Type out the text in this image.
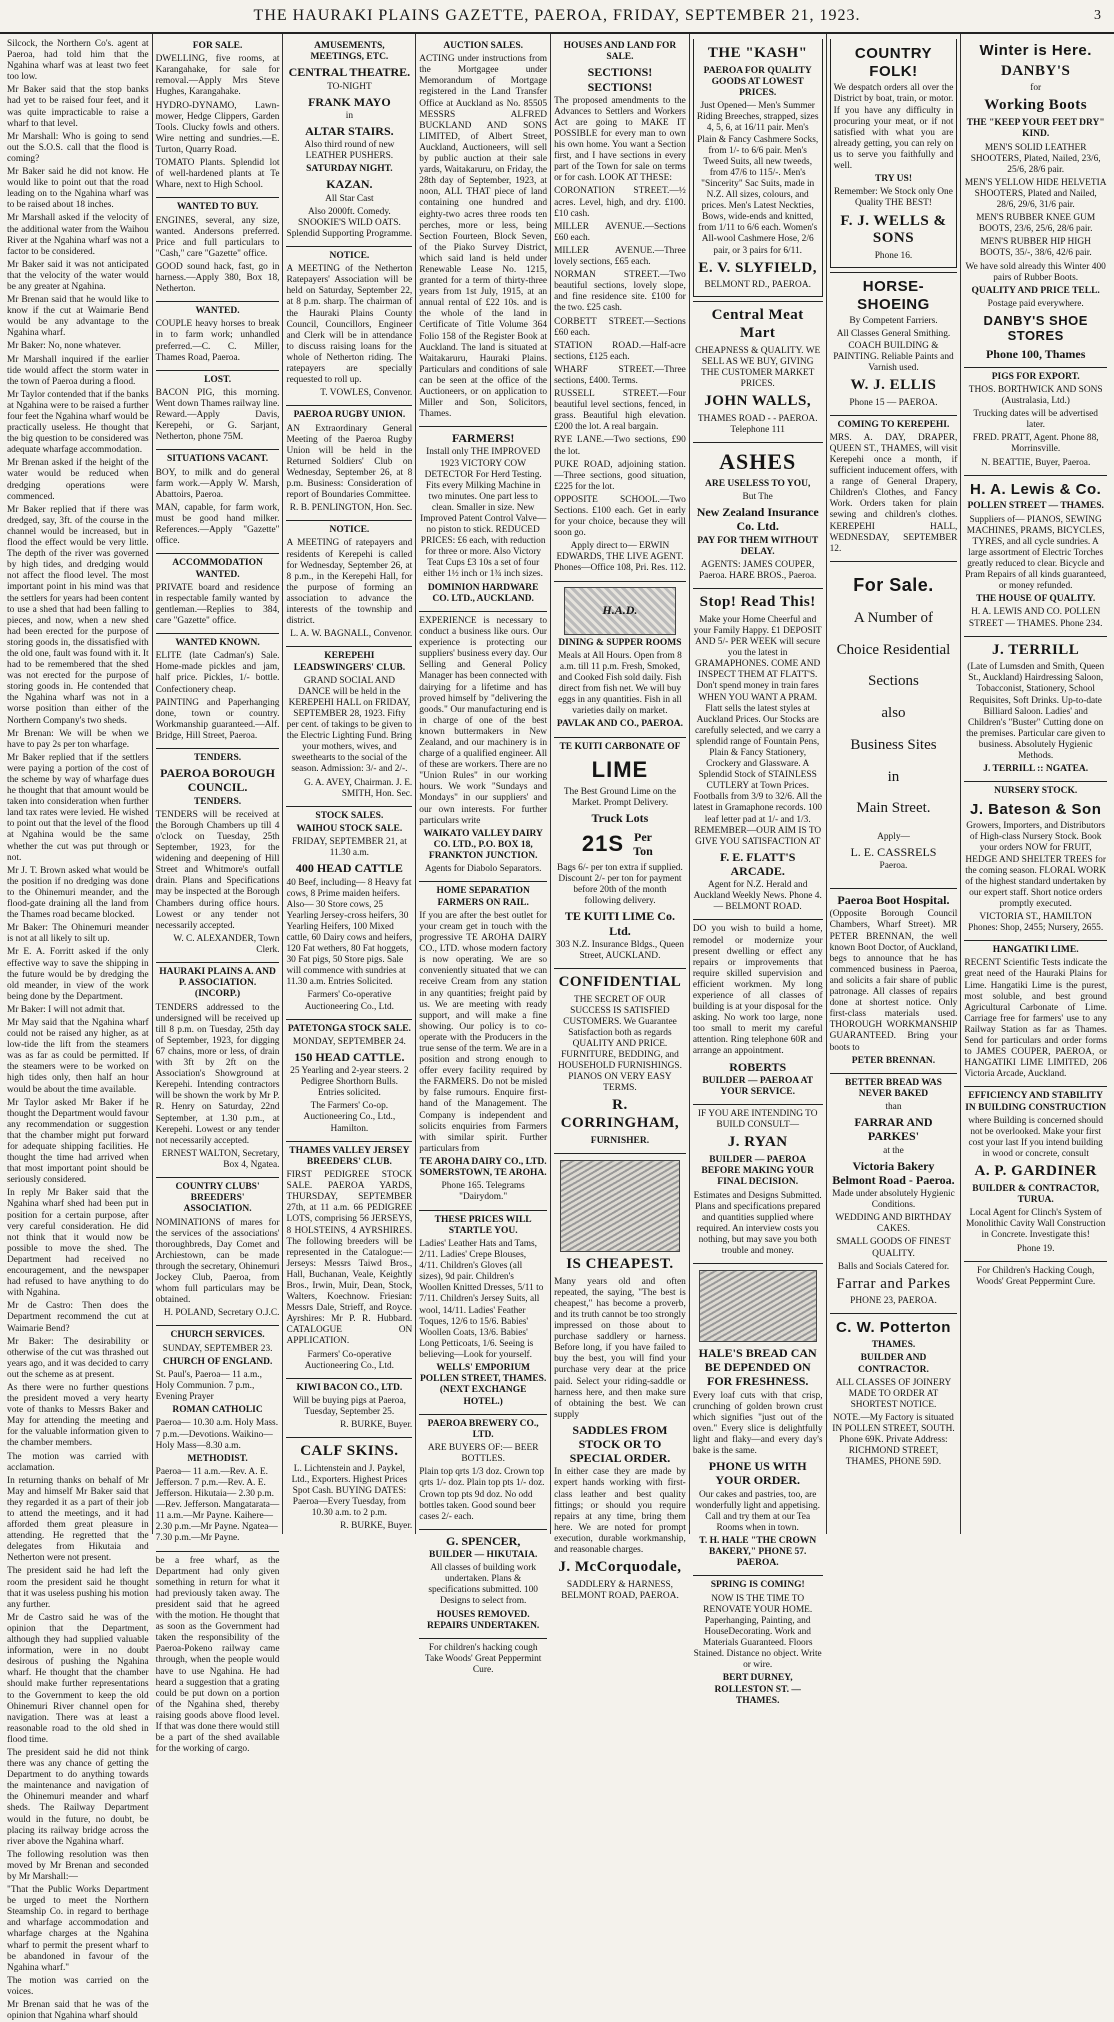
THE HAURAKI PLAINS GAZETTE, PAEROA, FRIDAY, SEPTEMBER 21, 1923.	3
Silcock, the Northern Co's. agent at Paeroa, had told him that the Ngahina wharf was at least two feet too low.
Mr Baker said that the stop banks had yet to be raised four feet, and it was quite impracticable to raise a wharf to that level.
Mr Marshall: Who is going to send out the S.O.S. call that the flood is coming?
Mr Baker said he did not know. He would like to point out that the road leading on to the Ngahina wharf was to be raised about 18 inches.
Mr Marshall asked if the velocity of the additional water from the Waihou River at the Ngahina wharf was not a factor to be considered.
Mr Baker said it was not anticipated that the velocity of the water would be any greater at Ngahina.
Mr Brenan said that he would like to know if the cut at Waimarie Bend would be any advantage to the Ngahina wharf.
Mr Baker: No, none whatever.
Mr Marshall inquired if the earlier tide would affect the storm water in the town of Paeroa during a flood.
Mr Taylor contended that if the banks at Ngahina were to be raised a further four feet the Ngahina wharf would be practically useless. He thought that the big question to be considered was adequate wharfage accommodation.
Mr Brenan asked if the height of the water would be reduced when dredging operations were commenced.
Mr Baker replied that if there was dredged, say, 3ft. of the course in the channel would be increased, but in flood the effect would be very little. The depth of the river was governed by high tides, and dredging would not affect the flood level. The most important point in his mind was that the settlers for years had been content to use a shed that had been falling to pieces, and now, when a new shed had been erected for the purpose of storing goods in, the dissatisfied with the old one, fault was found with it. It had to be remembered that the shed was not erected for the purpose of storing goods in. He contended that the Ngahina wharf was not in a worse position than either of the Northern Company's two sheds.
Mr Brenan: We will be when we have to pay 2s per ton wharfage.
Mr Baker replied that if the settlers were paying a portion of the cost of the scheme by way of wharfage dues he thought that that amount would be taken into consideration when further land tax rates were levied. He wished to point out that the level of the flood at Ngahina would be the same whether the cut was put through or not.
Mr J. T. Brown asked what would be the position if no dredging was done to the Ohinemuri meander, and the flood-gate draining all the land from the Thames road became blocked.
Mr Baker: The Ohinemuri meander is not at all likely to silt up.
Mr E. A. Forritt asked if the only effective way to save the shipping in the future would be by dredging the old meander, in view of the work being done by the Department.
Mr Baker: I will not admit that.
Mr May said that the Ngahina wharf could not be raised any higher, as at low-tide the lift from the steamers was as far as could be permitted. If the steamers were to be worked on high tides only, then half an hour would be about the time available.
Mr Taylor asked Mr Baker if he thought the Department would favour any recommendation or suggestion that the chamber might put forward for adequate shipping facilities. He thought the time had arrived when that most important point should be seriously considered.
In reply Mr Baker said that the Ngahina wharf shed had been put in position for a certain purpose, after very careful consideration. He did not think that it would now be possible to move the shed. The Department had received no encouragement, and the newspaper had refused to have anything to do with Ngahina.
Mr de Castro: Then does the Department recommend the cut at Waimarie Bend?
Mr Baker: The desirability or otherwise of the cut was thrashed out years ago, and it was decided to carry out the scheme as at present.
As there were no further questions the president moved a very hearty vote of thanks to Messrs Baker and May for attending the meeting and for the valuable information given to the chamber members.
The motion was carried with acclamation.
In returning thanks on behalf of Mr May and himself Mr Baker said that they regarded it as a part of their job to attend the meetings, and it had afforded them great pleasure in attending. He regretted that the delegates from Hikutaia and Netherton were not present.
The president said he had left the room the president said he thought that it was useless pushing his motion any further.
Mr de Castro said he was of the opinion that the Department, although they had supplied valuable information, were in no doubt desirous of pushing the Ngahina wharf. He thought that the chamber should make further representations to the Government to keep the old Ohinemuri River channel open for navigation. There was at least a reasonable road to the old shed in flood time.
The president said he did not think there was any chance of getting the Department to do anything towards the maintenance and navigation of the Ohinemuri meander and wharf sheds. The Railway Department would in the future, no doubt, be placing its railway bridge across the river above the Ngahina wharf.
The following resolution was then moved by Mr Brenan and seconded by Mr Marshall:—
"That the Public Works Department be urged to meet the Northern Steamship Co. in regard to berthage and wharfage accommodation and wharfage charges at the Ngahina wharf to permit the present wharf to be abandoned in favour of the Ngahina wharf."
The motion was carried on the voices.
Mr Brenan said that he was of the opinion that Ngahina wharf should
FOR SALE.
DWELLING, five rooms, at Karangahake, for sale for removal.—Apply Mrs Steve Hughes, Karangahake.
HYDRO-DYNAMO, Lawn-mower, Hedge Clippers, Garden Tools. Clucky fowls and others. Wire netting and sundries.—E. Turton, Quarry Road.
TOMATO Plants. Splendid lot of well-hardened plants at Te Whare, next to High School.
WANTED TO BUY.
ENGINES, several, any size, wanted. Andersons preferred. Price and full particulars to "Cash," care "Gazette" office.
GOOD sound hack, fast, go in harness.—Apply 380, Box 18, Netherton.
WANTED.
COUPLE heavy horses to break in to farm work; unhandled preferred.—C. C. Miller, Thames Road, Paeroa.
LOST.
BACON PIG, this morning. Went down Thames railway line. Reward.—Apply Davis, Kerepehi, or G. Sarjant, Netherton, phone 75M.
SITUATIONS VACANT.
BOY, to milk and do general farm work.—Apply W. Marsh, Abattoirs, Paeroa.
MAN, capable, for farm work, must be good hand milker. References.—Apply "Gazette" office.
ACCOMMODATION WANTED.
PRIVATE board and residence in respectable family wanted by gentleman.—Replies to 384, care "Gazette" office.
WANTED KNOWN.
ELITE (late Cadman's) Sale. Home-made pickles and jam, half price. Pickles, 1/- bottle. Confectionery cheap.
PAINTING and Paperhanging done, town or country. Workmanship guaranteed.—Alf. Bridge, Hill Street, Paeroa.
TENDERS.
PAEROA BOROUGH COUNCIL.
TENDERS.
TENDERS will be received at the Borough Chambers up till 4 o'clock on Tuesday, 25th September, 1923, for the widening and deepening of Hill Street and Whitmore's outfall drain. Plans and Specifications may be inspected at the Borough Chambers during office hours. Lowest or any tender not necessarily accepted.
W. C. ALEXANDER, Town Clerk.
HAURAKI PLAINS A. AND P. ASSOCIATION. (INCORP.)
TENDERS addressed to the undersigned will be received up till 8 p.m. on Tuesday, 25th day of September, 1923, for digging 67 chains, more or less, of drain with 3ft by 2ft on the Association's Showground at Kerepehi. Intending contractors will be shown the work by Mr P. R. Henry on Saturday, 22nd September, at 1.30 p.m., at Kerepehi. Lowest or any tender not necessarily accepted.
ERNEST WALTON, Secretary, Box 4, Ngatea.
COUNTRY CLUBS' BREEDERS' ASSOCIATION.
NOMINATIONS of mares for the services of the associations' thoroughbreds, Day Comet and Archiestown, can be made through the secretary, Ohinemuri Jockey Club, Paeroa, from whom full particulars may be obtained.
H. POLAND, Secretary O.J.C.
CHURCH SERVICES.
SUNDAY, SEPTEMBER 23.
CHURCH OF ENGLAND.
St. Paul's, Paeroa— 11 a.m., Holy Communion. 7 p.m., Evening Prayer
ROMAN CATHOLIC
Paeroa— 10.30 a.m. Holy Mass. 7 p.m.—Devotions. Waikino— Holy Mass—8.30 a.m.
METHODIST.
Paeroa— 11 a.m.—Rev. A. E. Jefferson. 7 p.m.—Rev. A. E. Jefferson. Hikutaia— 2.30 p.m.—Rev. Jefferson. Mangatarata— 11 a.m.—Mr Payne. Kaihere— 2.30 p.m.—Mr Payne. Ngatea— 7.30 p.m.—Mr Payne.
be a free wharf, as the Department had only given something in return for what it had previously taken away. The president said that he agreed with the motion. He thought that as soon as the Government had taken the responsibility of the Paeroa-Pokeno railway came through, when the people would have to use Ngahina. He had heard a suggestion that a grating could be put down on a portion of the Ngahina shed, thereby raising goods above flood level. If that was done there would still be a part of the shed available for the working of cargo.
AMUSEMENTS, MEETINGS, ETC.
CENTRAL THEATRE.
TO-NIGHT
FRANK MAYO
in
ALTAR STAIRS.
Also third round of new LEATHER PUSHERS.
SATURDAY NIGHT.
KAZAN.
All Star Cast
Also 2000ft. Comedy. SNOOKIE'S WILD OATS. Splendid Supporting Programme.
NOTICE.
A MEETING of the Netherton Ratepayers' Association will be held on Saturday, September 22, at 8 p.m. sharp. The chairman of the Hauraki Plains County Council, Councillors, Engineer and Clerk will be in attendance to discuss raising loans for the whole of Netherton riding. The ratepayers are specially requested to roll up.
T. VOWLES, Convenor.
PAEROA RUGBY UNION.
AN Extraordinary General Meeting of the Paeroa Rugby Union will be held in the Returned Soldiers' Club on Wednesday, September 26, at 8 p.m. Business: Consideration of report of Boundaries Committee.
R. B. PENLINGTON, Hon. Sec.
NOTICE.
A MEETING of ratepayers and residents of Kerepehi is called for Wednesday, September 26, at 8 p.m., in the Kerepehi Hall, for the purpose of forming an association to advance the interests of the township and district.
L. A. W. BAGNALL, Convenor.
KEREPEHI LEADSWINGERS' CLUB.
GRAND SOCIAL AND DANCE will be held in the KEREPEHI HALL on FRIDAY, SEPTEMBER 28, 1923. Fifty per cent. of takings to be given to the Electric Lighting Fund. Bring your mothers, wives, and sweethearts to the social of the season. Admission: 3/- and 2/-.
G. A. AVEY, Chairman. J. E. SMITH, Hon. Sec.
STOCK SALES.
WAIHOU STOCK SALE.
FRIDAY, SEPTEMBER 21, at 11.30 a.m.
400 HEAD CATTLE
40 Beef, including— 8 Heavy fat cows, 8 Prime maiden heifers. Also— 30 Store cows, 25 Yearling Jersey-cross heifers, 30 Yearling Heifers, 100 Mixed cattle, 60 Dairy cows and heifers, 120 Fat wethers, 80 Fat hoggets, 30 Fat pigs, 50 Store pigs. Sale will commence with sundries at 11.30 a.m. Entries Solicited.
Farmers' Co-operative Auctioneering Co., Ltd.
PATETONGA STOCK SALE.
MONDAY, SEPTEMBER 24.
150 HEAD CATTLE.
25 Yearling and 2-year steers. 2 Pedigree Shorthorn Bulls. Entries solicited.
The Farmers' Co-op. Auctioneering Co., Ltd., Hamilton.
THAMES VALLEY JERSEY BREEDERS' CLUB.
FIRST PEDIGREE STOCK SALE. PAEROA YARDS, THURSDAY, SEPTEMBER 27th, at 11 a.m. 66 PEDIGREE LOTS, comprising 56 JERSEYS, 8 HOLSTEINS, 4 AYRSHIRES. The following breeders will be represented in the Catalogue:— Jerseys: Messrs Taiwd Bros., Hall, Buchanan, Veale, Keightly Bros., Irwin, Muir, Dean, Stock, Walters, Koechnow. Friesian: Messrs Dale, Strieff, and Royce. Ayrshires: Mr P. R. Hubbard. CATALOGUE ON APPLICATION.
Farmers' Co-operative Auctioneering Co., Ltd.
KIWI BACON CO., LTD.
Will be buying pigs at Paeroa, Tuesday, September 25.
R. BURKE, Buyer.
CALF SKINS.
L. Lichtenstein and J. Paykel, Ltd., Exporters. Highest Prices Spot Cash. BUYING DATES: Paeroa—Every Tuesday, from 10.30 a.m. to 2 p.m.
R. BURKE, Buyer.
AUCTION SALES.
ACTING under instructions from the Mortgagee under Memorandum of Mortgage registered in the Land Transfer Office at Auckland as No. 85505 MESSRS ALFRED BUCKLAND AND SONS LIMITED, of Albert Street, Auckland, Auctioneers, will sell by public auction at their sale yards, Waitakaruru, on Friday, the 28th day of September, 1923, at noon, ALL THAT piece of land containing one hundred and eighty-two acres three roods ten perches, more or less, being Section Fourteen, Block Seven, of the Piako Survey District, which said land is held under Renewable Lease No. 1215, granted for a term of thirty-three years from 1st July, 1915, at an annual rental of £22 10s. and is the whole of the land in Certificate of Title Volume 364 Folio 158 of the Register Book at Auckland. The land is situated at Waitakaruru, Hauraki Plains. Particulars and conditions of sale can be seen at the office of the Auctioneers, or on application to Miller and Son, Solicitors, Thames.
FARMERS!
Install only THE IMPROVED 1923 VICTORY COW DETECTOR For Herd Testing. Fits every Milking Machine in two minutes. One part less to clean. Smaller in size. New Improved Patent Control Valve—no piston to stick. REDUCED PRICES: £6 each, with reduction for three or more. Also Victory Teat Cups £3 10s a set of four either 1½ inch or 1¾ inch sizes.
DOMINION HARDWARE CO. LTD., AUCKLAND.
EXPERIENCE is necessary to conduct a business like ours. Our experience is protecting our suppliers' business every day. Our Selling and General Policy Manager has been connected with dairying for a lifetime and has proved himself by "delivering the goods." Our manufacturing end is in charge of one of the best known buttermakers in New Zealand, and our machinery is in charge of a qualified engineer. All of these are workers. There are no "Union Rules" in our working hours. We work "Sundays and Mondays" in our suppliers' and our own interests. For further particulars write
WAIKATO VALLEY DAIRY CO. LTD., P.O. BOX 18, FRANKTON JUNCTION.
Agents for Diabolo Separators.
HOME SEPARATION FARMERS ON RAIL.
If you are after the best outlet for your cream get in touch with the progressive TE AROHA DAIRY CO., LTD. whose modern factory is now operating. We are so conveniently situated that we can receive Cream from any station in any quantities; freight paid by us. We are meeting with ready support, and will make a fine showing. Our policy is to co-operate with the Producers in the true sense of the term. We are in a position and strong enough to offer every facility required by the FARMERS. Do not be misled by false rumours. Enquire first-hand of the Management. The Company is independent and solicits enquiries from Farmers with similar spirit. Further particulars from
TE AROHA DAIRY CO., LTD. SOMERSTOWN, TE AROHA.
Phone 165. Telegrams "Dairydom."
THESE PRICES WILL STARTLE YOU.
Ladies' Leather Hats and Tams, 2/11. Ladies' Crepe Blouses, 4/11. Children's Gloves (all sizes), 9d pair. Children's Woollen Knitted Dresses, 5/11 to 7/11. Children's Jersey Suits, all wool, 14/11. Ladies' Feather Toques, 12/6 to 15/6. Babies' Woollen Coats, 13/6. Babies' Long Petticoats, 1/6. Seeing is believing—Look for yourself.
WELLS' EMPORIUM POLLEN STREET, THAMES. (NEXT EXCHANGE HOTEL.)
PAEROA BREWERY CO., LTD.
ARE BUYERS OF:— BEER BOTTLES.
Plain top qrts 1/3 doz. Crown top qrts 1/- doz. Plain top pts 1/- doz. Crown top pts 9d doz. No odd bottles taken. Good sound beer cases 2/- each.
G. SPENCER,
BUILDER — HIKUTAIA.
All classes of building work undertaken. Plans & specifications submitted. 100 Designs to select from.
HOUSES REMOVED. REPAIRS UNDERTAKEN.
For children's hacking cough Take Woods' Great Peppermint Cure.
HOUSES AND LAND FOR SALE.
SECTIONS! SECTIONS!
The proposed amendments to the Advances to Settlers and Workers Act are going to MAKE IT POSSIBLE for every man to own his own home. You want a Section first, and I have sections in every part of the Town for sale on terms or for cash. LOOK AT THESE:
CORONATION STREET.—½ acres. Level, high, and dry. £100. £10 cash.
MILLER AVENUE.—Sections £60 each.
MILLER AVENUE.—Three lovely sections, £65 each.
NORMAN STREET.—Two beautiful sections, lovely slope, and fine residence site. £100 for the two. £25 cash.
CORBETT STREET.—Sections £60 each.
STATION ROAD.—Half-acre sections, £125 each.
WHARF STREET.—Three sections, £400. Terms.
RUSSELL STREET.—Four beautiful level sections, fenced, in grass. Beautiful high elevation. £200 the lot. A real bargain.
RYE LANE.—Two sections, £90 the lot.
PUKE ROAD, adjoining station. —Three sections, good situation, £225 for the lot.
OPPOSITE SCHOOL.—Two Sections. £100 each. Get in early for your choice, because they will soon go.
Apply direct to— ERWIN EDWARDS, THE LIVE AGENT. Phones—Office 108, Pri. Res. 112.
H.A.D.
DINING & SUPPER ROOMS
Meals at All Hours. Open from 8 a.m. till 11 p.m. Fresh, Smoked, and Cooked Fish sold daily. Fish direct from fish net. We will buy eggs in any quantities. Fish in all varieties daily on market.
PAVLAK AND CO., PAEROA.
TE KUITI CARBONATE OF
LIME
The Best Ground Lime on the Market. Prompt Delivery.
Truck Lots
21S Per Ton
Bags 6/- per ton extra if supplied. Discount 2/- per ton for payment before 20th of the month following delivery.
TE KUITI LIME Co. Ltd.
303 N.Z. Insurance Bldgs., Queen Street, AUCKLAND.
CONFIDENTIAL
THE SECRET OF OUR SUCCESS IS SATISFIED CUSTOMERS. We Guarantee Satisfaction both as regards QUALITY AND PRICE. FURNITURE, BEDDING, and HOUSEHOLD FURNISHINGS. PIANOS ON VERY EASY TERMS.
R. CORRINGHAM,
FURNISHER.
IS CHEAPEST.
Many years old and often repeated, the saying, "The best is cheapest," has become a proverb, and its truth cannot be too strongly impressed on those about to purchase saddlery or harness. Before long, if you have failed to buy the best, you will find your purchase very dear at the price paid. Select your riding-saddle or harness here, and then make sure of obtaining the best. We can supply
SADDLES FROM STOCK OR TO SPECIAL ORDER.
In either case they are made by expert hands working with first-class leather and best quality fittings; or should you require repairs at any time, bring them here. We are noted for prompt execution, durable workmanship, and reasonable charges.
J. McCorquodale,
SADDLERY & HARNESS, BELMONT ROAD, PAEROA.
THE "KASH"
PAEROA FOR QUALITY GOODS AT LOWEST PRICES.
Just Opened— Men's Summer Riding Breeches, strapped, sizes 4, 5, 6, at 16/11 pair. Men's Plain & Fancy Cashmere Socks, from 1/- to 6/6 pair. Men's Tweed Suits, all new tweeds, from 47/6 to 115/-. Men's "Sincerity" Sac Suits, made in N.Z. All sizes, colours, and prices. Men's Latest Neckties, Bows, wide-ends and knitted, from 1/11 to 6/6 each. Women's All-wool Cashmere Hose, 2/6 pair, or 3 pairs for 6/11.
E. V. SLYFIELD,
BELMONT RD., PAEROA.
Central Meat Mart
CHEAPNESS & QUALITY. WE SELL AS WE BUY, GIVING THE CUSTOMER MARKET PRICES.
JOHN WALLS,
THAMES ROAD - - PAEROA. Telephone 111
ASHES
ARE USELESS TO YOU,
But The
New Zealand Insurance Co. Ltd.
PAY FOR THEM WITHOUT DELAY.
AGENTS: JAMES COUPER, Paeroa. HARE BROS., Paeroa.
Stop! Read This!
Make your Home Cheerful and your Family Happy. £1 DEPOSIT AND 5/- PER WEEK will secure you the latest in GRAMAPHONES. COME AND INSPECT THEM AT FLATT'S. Don't spend money in train fares WHEN YOU WANT A PRAM. Flatt sells the latest styles at Auckland Prices. Our Stocks are carefully selected, and we carry a splendid range of Fountain Pens, Plain & Fancy Stationery, Crockery and Glassware. A Splendid Stock of STAINLESS CUTLERY at Town Prices. Footballs from 3/9 to 32/6. All the latest in Gramaphone records. 100 leaf letter pad at 1/- and 1/3. REMEMBER—OUR AIM IS TO GIVE YOU SATISFACTION AT
F. E. FLATT'S ARCADE.
Agent for N.Z. Herald and Auckland Weekly News. Phone 4. — BELMONT ROAD.
DO you wish to build a home, remodel or modernize your present dwelling or effect any repairs or improvements that require skilled supervision and efficient workmen. My long experience of all classes of building is at your disposal for the asking. No work too large, none too small to merit my careful attention. Ring telephone 60R and arrange an appointment.
ROBERTS
BUILDER — PAEROA AT YOUR SERVICE.
IF YOU ARE INTENDING TO BUILD CONSULT—
J. RYAN
BUILDER — PAEROA BEFORE MAKING YOUR FINAL DECISION.
Estimates and Designs Submitted. Plans and specifications prepared and quantities supplied where required. An interview costs you nothing, but may save you both trouble and money.
HALE'S BREAD CAN BE DEPENDED ON FOR FRESHNESS.
Every loaf cuts with that crisp, crunching of golden brown crust which signifies "just out of the oven." Every slice is delightfully light and flaky—and every day's bake is the same.
PHONE US WITH YOUR ORDER.
Our cakes and pastries, too, are wonderfully light and appetising. Call and try them at our Tea Rooms when in town.
T. H. HALE "THE CROWN BAKERY," PHONE 57. PAEROA.
SPRING IS COMING!
NOW IS THE TIME TO RENOVATE YOUR HOME. Paperhanging, Painting, and HouseDecorating. Work and Materials Guaranteed. Floors Stained. Distance no object. Write or wire.
BERT DURNEY, ROLLESTON ST. — THAMES.
COUNTRY FOLK!
We despatch orders all over the District by boat, train, or motor. If you have any difficulty in procuring your meat, or if not satisfied with what you are already getting, you can rely on us to serve you faithfully and well.
TRY US!
Remember: We Stock only One Quality THE BEST!
F. J. WELLS & SONS
Phone 16.
HORSE-SHOEING
By Competent Farriers.
All Classes General Smithing. COACH BUILDING & PAINTING. Reliable Paints and Varnish used.
W. J. ELLIS
Phone 15 — PAEROA.
COMING TO KEREPEHI.
MRS. A. DAY, DRAPER, QUEEN ST., THAMES, will visit Kerepehi once a month, if sufficient inducement offers, with a range of General Drapery, Children's Clothes, and Fancy Work. Orders taken for plain sewing and children's clothes. KEREPEHI HALL, WEDNESDAY, SEPTEMBER 12.
For Sale.
A Number of
Choice Residential
Sections
also
Business Sites
in
Main Street.
Apply—
L. E. CASSRELS
Paeroa.
Paeroa Boot Hospital.
(Opposite Borough Council Chambers, Wharf Street). MR PETER BRENNAN, the well known Boot Doctor, of Auckland, begs to announce that he has commenced business in Paeroa, and solicits a fair share of public patronage. All classes of repairs done at shortest notice. Only first-class materials used. THOROUGH WORKMANSHIP GUARANTEED. Bring your boots to
PETER BRENNAN.
BETTER BREAD WAS NEVER BAKED
than
FARRAR AND PARKES'
at the
Victoria Bakery Belmont Road - Paeroa.
Made under absolutely Hygienic Conditions.
WEDDING AND BIRTHDAY CAKES.
SMALL GOODS OF FINEST QUALITY.
Balls and Socials Catered for.
Farrar and Parkes
PHONE 23, PAEROA.
C. W. Potterton
THAMES.
BUILDER AND CONTRACTOR.
ALL CLASSES OF JOINERY MADE TO ORDER AT SHORTEST NOTICE.
NOTE.—My Factory is situated IN POLLEN STREET, SOUTH. Phone 69K. Private Address: RICHMOND STREET, THAMES, PHONE 59D.
Winter is Here.
DANBY'S
for
Working Boots
THE "KEEP YOUR FEET DRY" KIND.
MEN'S SOLID LEATHER SHOOTERS, Plated, Nailed, 23/6, 25/6, 28/6 pair.
MEN'S YELLOW HIDE HELVETIA SHOOTERS, Plated and Nailed, 28/6, 29/6, 31/6 pair.
MEN'S RUBBER KNEE GUM BOOTS, 23/6, 25/6, 28/6 pair.
MEN'S RUBBER HIP HIGH BOOTS, 35/-, 38/6, 42/6 pair.
We have sold already this Winter 400 pairs of Rubber Boots.
QUALITY AND PRICE TELL.
Postage paid everywhere.
DANBY'S SHOE STORES
Phone 100, Thames
PIGS FOR EXPORT.
THOS. BORTHWICK AND SONS (Australasia, Ltd.)
Trucking dates will be advertised later.
FRED. PRATT, Agent. Phone 88, Morrinsville.
N. BEATTIE, Buyer, Paeroa.
H. A. Lewis & Co.
POLLEN STREET — THAMES.
Suppliers of— PIANOS, SEWING MACHINES, PRAMS, BICYCLES, TYRES, and all cycle sundries. A large assortment of Electric Torches greatly reduced to clear. Bicycle and Pram Repairs of all kinds guaranteed, or money refunded.
THE HOUSE OF QUALITY.
H. A. LEWIS AND CO. POLLEN STREET — THAMES. Phone 234.
J. TERRILL
(Late of Lumsden and Smith, Queen St., Auckland) Hairdressing Saloon, Tobacconist, Stationery, School Requisites, Soft Drinks. Up-to-date Billiard Saloon. Ladies' and Children's "Buster" Cutting done on the premises. Particular care given to business. Absolutely Hygienic Methods.
J. TERRILL :: NGATEA.
NURSERY STOCK.
J. Bateson & Son
Growers, Importers, and Distributors of High-class Nursery Stock. Book your orders NOW for FRUIT, HEDGE AND SHELTER TREES for the coming season. FLORAL WORK of the highest standard undertaken by our expert staff. Short notice orders promptly executed.
VICTORIA ST., HAMILTON Phones: Shop, 2455; Nursery, 2655.
HANGATIKI LIME.
RECENT Scientific Tests indicate the great need of the Hauraki Plains for Lime. Hangatiki Lime is the purest, most soluble, and best ground Agricultural Carbonate of Lime. Carriage free for farmers' use to any Railway Station as far as Thames. Send for particulars and order forms to JAMES COUPER, PAEROA, or HANGATIKI LIME LIMITED, 206 Victoria Arcade, Auckland.
EFFICIENCY AND STABILITY IN BUILDING CONSTRUCTION
where Building is concerned should not be overlooked. Make your first cost your last If you intend building in wood or concrete, consult
A. P. GARDINER
BUILDER & CONTRACTOR, TURUA.
Local Agent for Clinch's System of Monolithic Cavity Wall Construction in Concrete. Investigate this!
Phone 19.
For Children's Hacking Cough, Woods' Great Peppermint Cure.
